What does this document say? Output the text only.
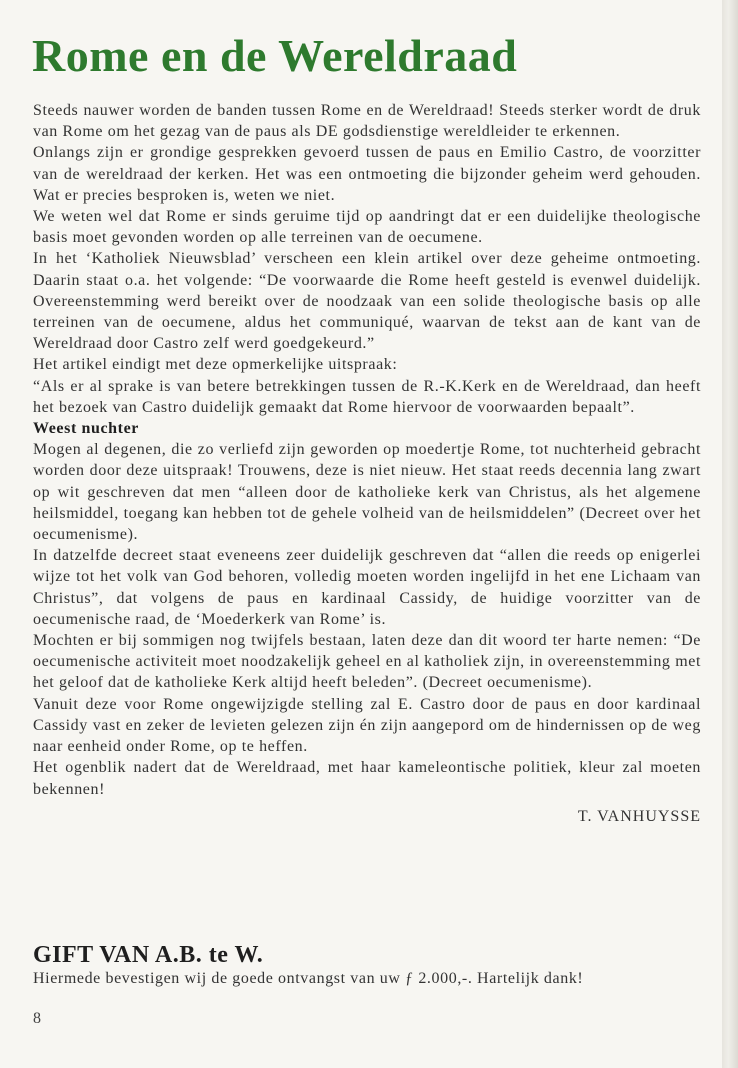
Rome en de Wereldraad

Steeds nauwer worden de banden tussen Rome en de Wereldraad! Steeds sterker wordt de druk van Rome om het gezag van de paus als DE godsdienstige wereldleider te erkennen.

Onlangs zijn er grondige gesprekken gevoerd tussen de paus en Emilio Castro, de voorzitter van de wereldraad der kerken. Het was een ontmoeting die bijzonder geheim werd gehouden. Wat er precies besproken is, weten we niet.

We weten wel dat Rome er sinds geruime tijd op aandringt dat er een duidelijke theologische basis moet gevonden worden op alle terreinen van de oecumene.

In het ‘Katholiek Nieuwsblad’ verscheen een klein artikel over deze geheime ontmoeting. Daarin staat o.a. het volgende: “De voorwaarde die Rome heeft gesteld is evenwel duidelijk. Overeenstemming werd bereikt over de noodzaak van een solide theologische basis op alle terreinen van de oecumene, aldus het communiqué, waarvan de tekst aan de kant van de Wereldraad door Castro zelf werd goedgekeurd.”

Het artikel eindigt met deze opmerkelijke uitspraak:

“Als er al sprake is van betere betrekkingen tussen de R.-K.Kerk en de Wereldraad, dan heeft het bezoek van Castro duidelijk gemaakt dat Rome hiervoor de voorwaarden bepaalt”.

Weest nuchter

Mogen al degenen, die zo verliefd zijn geworden op moedertje Rome, tot nuchterheid gebracht worden door deze uitspraak! Trouwens, deze is niet nieuw. Het staat reeds decennia lang zwart op wit geschreven dat men “alleen door de katholieke kerk van Christus, als het algemene heilsmiddel, toegang kan hebben tot de gehele volheid van de heilsmiddelen” (Decreet over het oecumenisme).

In datzelfde decreet staat eveneens zeer duidelijk geschreven dat “allen die reeds op enigerlei wijze tot het volk van God behoren, volledig moeten worden ingelijfd in het ene Lichaam van Christus”, dat volgens de paus en kardinaal Cassidy, de huidige voorzitter van de oecumenische raad, de ‘Moederkerk van Rome’ is.

Mochten er bij sommigen nog twijfels bestaan, laten deze dan dit woord ter harte nemen: “De oecumenische activiteit moet noodzakelijk geheel en al katholiek zijn, in overeenstemming met het geloof dat de katholieke Kerk altijd heeft beleden”. (Decreet oecumenisme).

Vanuit deze voor Rome ongewijzigde stelling zal E. Castro door de paus en door kardinaal Cassidy vast en zeker de levieten gelezen zijn én zijn aangepord om de hindernissen op de weg naar eenheid onder Rome, op te heffen.

Het ogenblik nadert dat de Wereldraad, met haar kameleontische politiek, kleur zal moeten bekennen!

T. VANHUYSSE

GIFT VAN A.B. te W.
Hiermede bevestigen wij de goede ontvangst van uw ƒ 2.000,-. Hartelijk dank!
8
